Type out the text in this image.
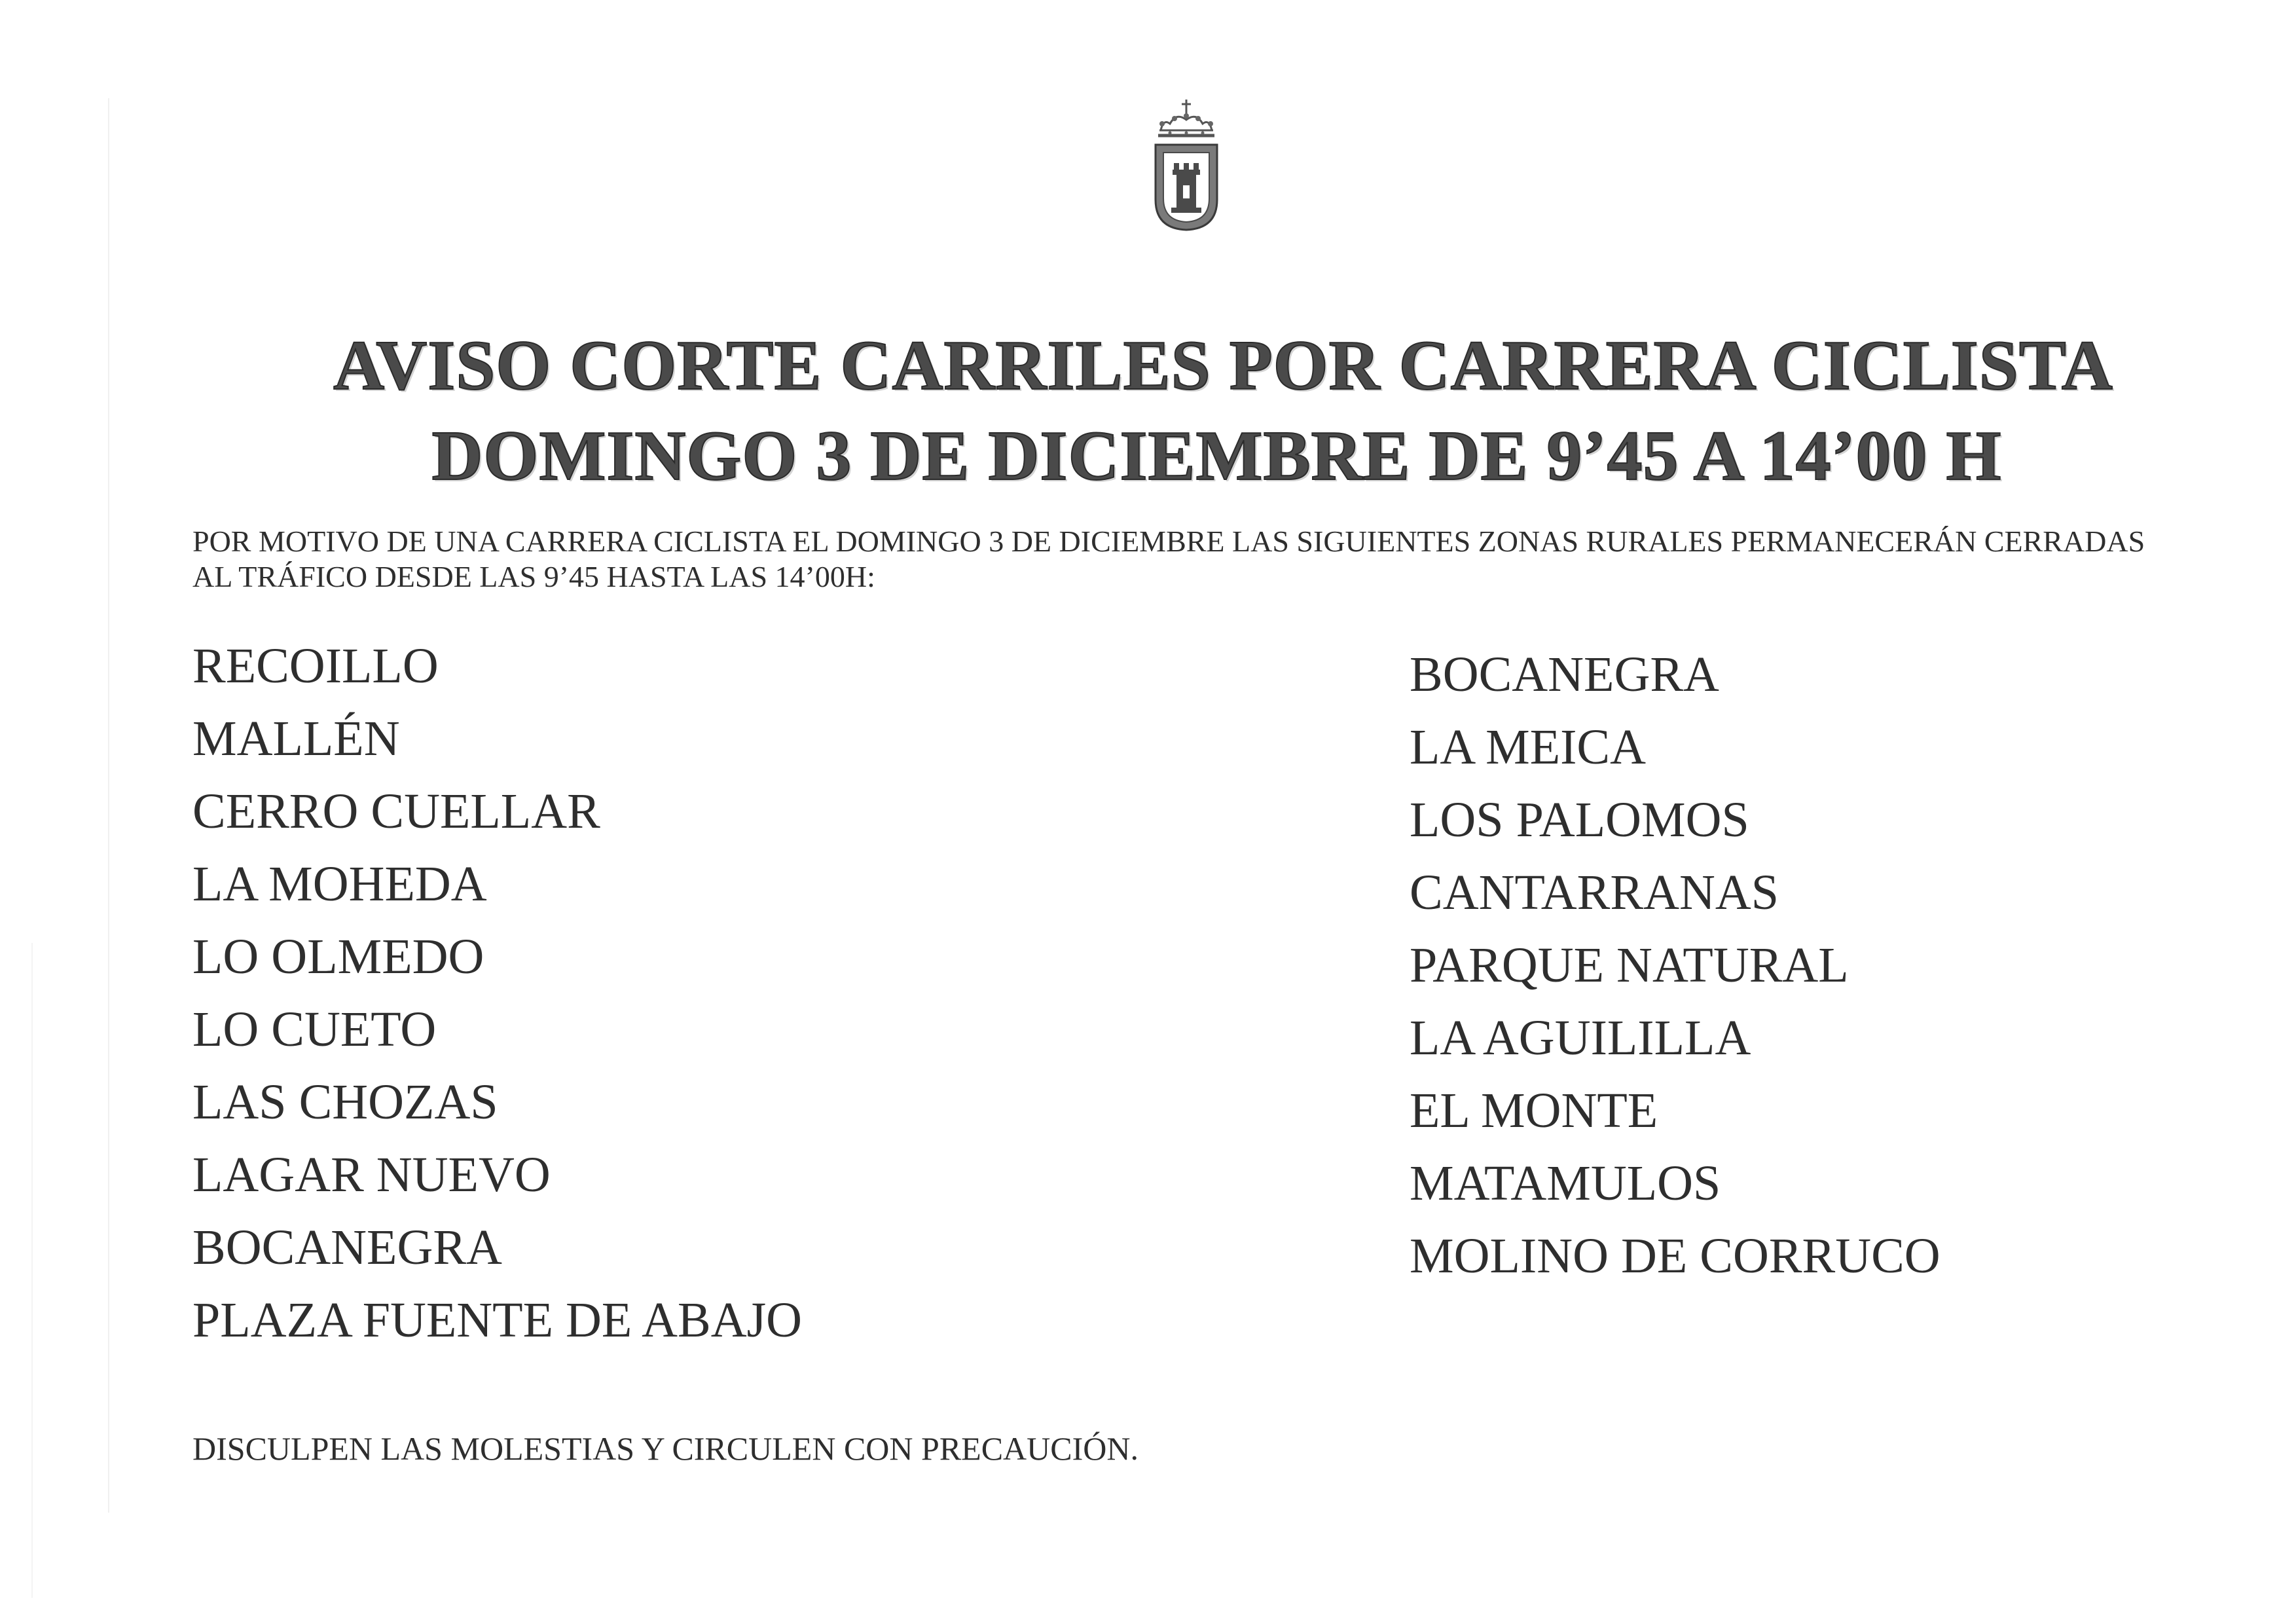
AVISO CORTE CARRILES POR CARRERA CICLISTA
DOMINGO 3 DE DICIEMBRE DE 9’45 A 14’00 H
POR MOTIVO DE UNA CARRERA CICLISTA EL DOMINGO 3 DE DICIEMBRE LAS SIGUIENTES ZONAS RURALES PERMANECERÁN CERRADAS AL TRÁFICO DESDE LAS 9’45 HASTA LAS 14’00H:
RECOILLO
MALLÉN
CERRO CUELLAR
LA MOHEDA
LO OLMEDO
LO CUETO
LAS CHOZAS
LAGAR NUEVO
BOCANEGRA
PLAZA FUENTE DE ABAJO
BOCANEGRA
LA MEICA
LOS PALOMOS
CANTARRANAS
PARQUE NATURAL
LA AGUILILLA
EL MONTE
MATAMULOS
MOLINO DE CORRUCO
DISCULPEN LAS MOLESTIAS Y CIRCULEN CON PRECAUCIÓN.
